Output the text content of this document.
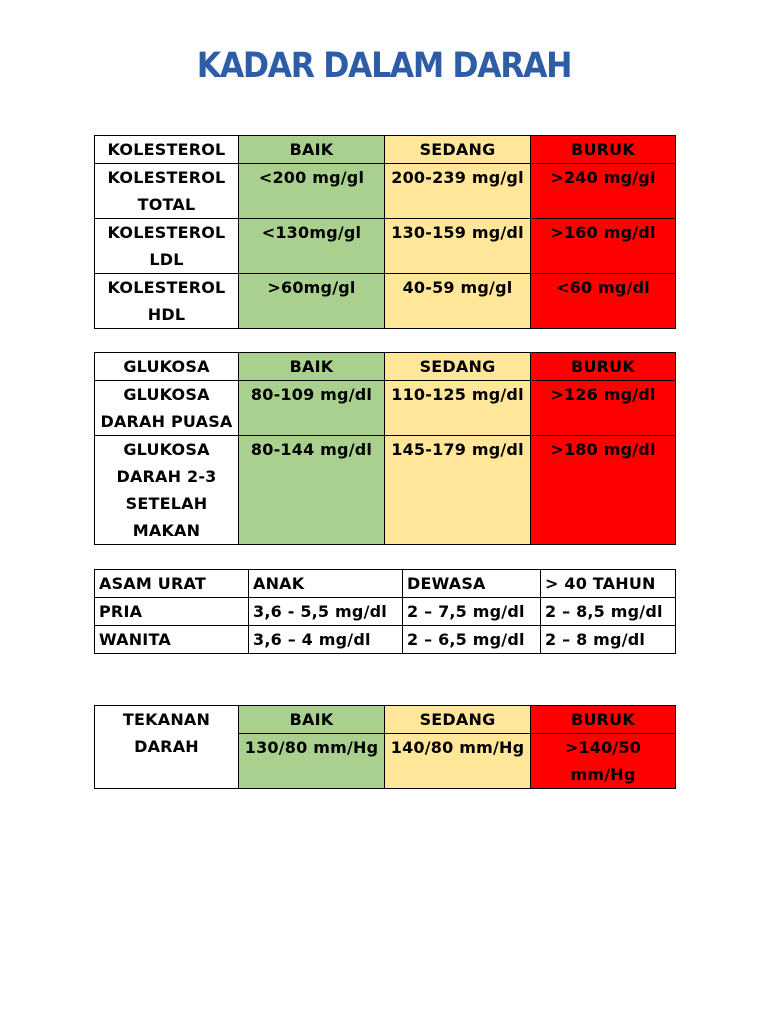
KADAR DALAM DARAH
KOLESTEROL	BAIK	SEDANG	BURUK
KOLESTEROL TOTAL	<200 mg/gl	200-239 mg/gl	>240 mg/gl
KOLESTEROL LDL	<130mg/gl	130-159 mg/dl	>160 mg/dl
KOLESTEROL HDL	>60mg/gl	40-59 mg/gl	<60 mg/dl
GLUKOSA	BAIK	SEDANG	BURUK
GLUKOSA DARAH PUASA	80-109 mg/dl	110-125 mg/dl	>126 mg/dl
GLUKOSA DARAH 2-3 SETELAH MAKAN	80-144 mg/dl	145-179 mg/dl	>180 mg/dl
ASAM URAT	ANAK	DEWASA	> 40 TAHUN
PRIA	3,6 - 5,5 mg/dl	2 – 7,5 mg/dl	2 – 8,5 mg/dl
WANITA	3,6 – 4 mg/dl	2 – 6,5 mg/dl	2 – 8 mg/dl
TEKANAN DARAH	BAIK	SEDANG	BURUK
	130/80 mm/Hg	140/80 mm/Hg	>140/50 mm/Hg
